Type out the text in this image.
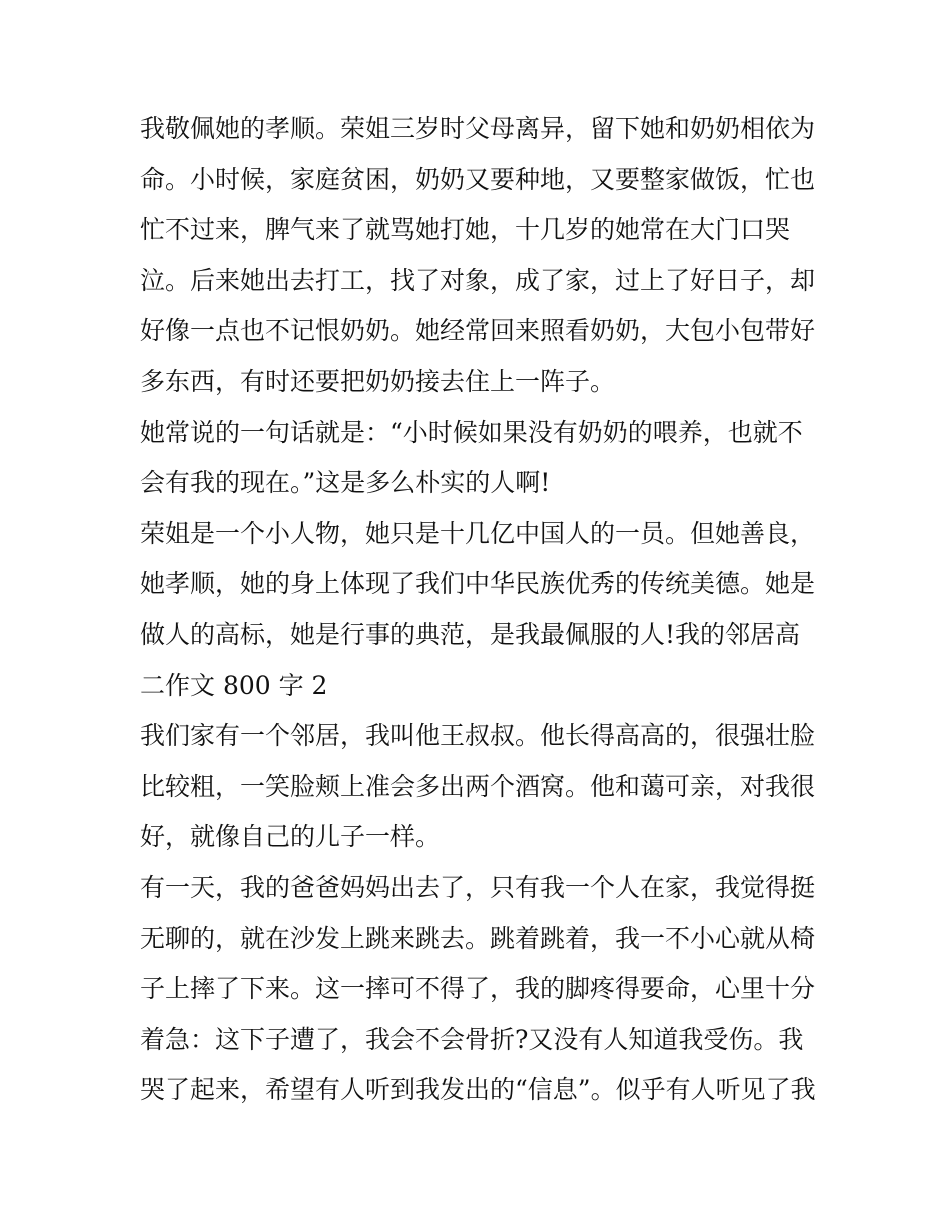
我敬佩她的孝顺。荣姐三岁时父母离异，留下她和奶奶相依为
命。小时候，家庭贫困，奶奶又要种地，又要整家做饭，忙也
忙不过来，脾气来了就骂她打她，十几岁的她常在大门口哭
泣。后来她出去打工，找了对象，成了家，过上了好日子，却
好像一点也不记恨奶奶。她经常回来照看奶奶，大包小包带好
多东西，有时还要把奶奶接去住上一阵子。
她常说的一句话就是：“小时候如果没有奶奶的喂养，也就不
会有我的现在。”这是多么朴实的人啊!
荣姐是一个小人物，她只是十几亿中国人的一员。但她善良，
她孝顺，她的身上体现了我们中华民族优秀的传统美德。她是
做人的高标，她是行事的典范，是我最佩服的人!我的邻居高
二作文 800 字 2
我们家有一个邻居，我叫他王叔叔。他长得高高的，很强壮脸
比较粗，一笑脸颊上准会多出两个酒窝。他和蔼可亲，对我很
好，就像自己的儿子一样。
有一天，我的爸爸妈妈出去了，只有我一个人在家，我觉得挺
无聊的，就在沙发上跳来跳去。跳着跳着，我一不小心就从椅
子上摔了下来。这一摔可不得了，我的脚疼得要命，心里十分
着急：这下子遭了，我会不会骨折?又没有人知道我受伤。我
哭了起来，希望有人听到我发出的“信息”。似乎有人听见了我
